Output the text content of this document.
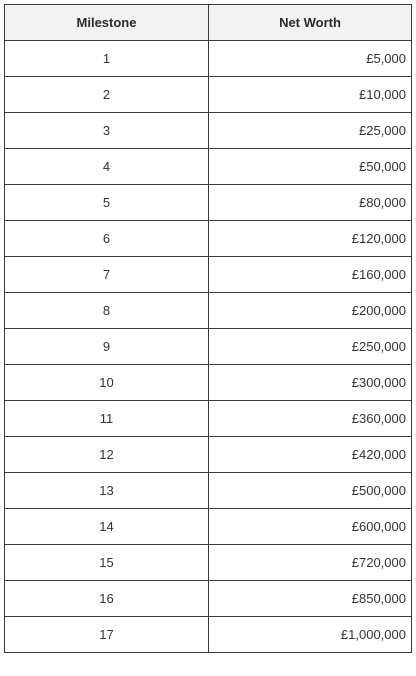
Milestone	Net Worth
1	£5,000
2	£10,000
3	£25,000
4	£50,000
5	£80,000
6	£120,000
7	£160,000
8	£200,000
9	£250,000
10	£300,000
11	£360,000
12	£420,000
13	£500,000
14	£600,000
15	£720,000
16	£850,000
17	£1,000,000
